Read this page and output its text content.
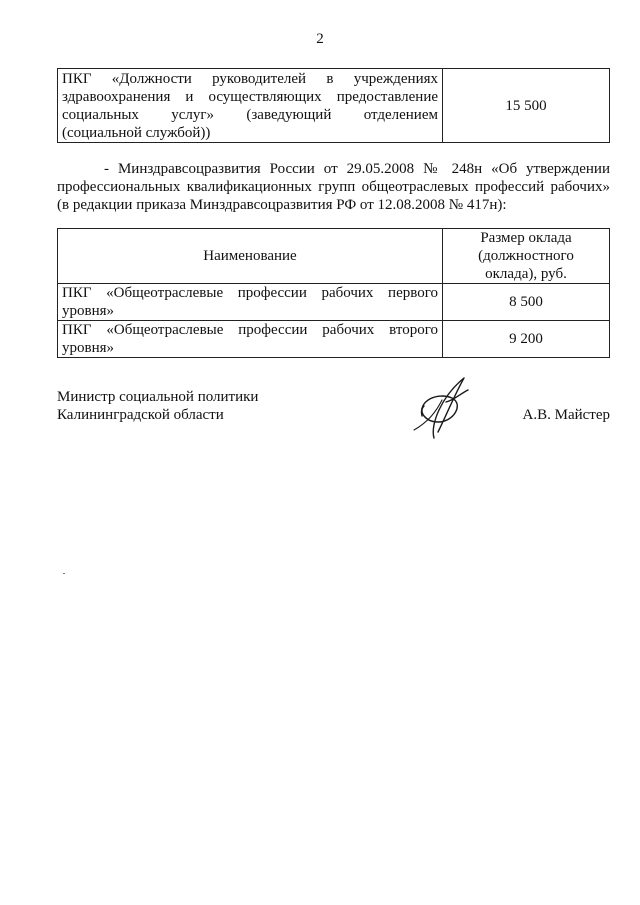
2
ПКГ «Должности руководителей в учреждениях
здравоохранения и осуществляющих предоставление
социальных услуг» (заведующий отделением
(социальной службой))
	15 500
- Минздравсоцразвития России от 29.05.2008 № 248н «Об утверждении
профессиональных квалификационных групп общеотраслевых профессий рабочих»
(в редакции приказа Минздравсоцразвития РФ от 12.08.2008 № 417н):
Наименование	Размер оклада
(должностного
оклада), руб.

ПКГ «Общеотраслевые профессии рабочих первого
уровня»	8 500

ПКГ «Общеотраслевые профессии рабочих второго
уровня»	9 200
Министр социальной политики
Калининградской области	А.В. Майстер
